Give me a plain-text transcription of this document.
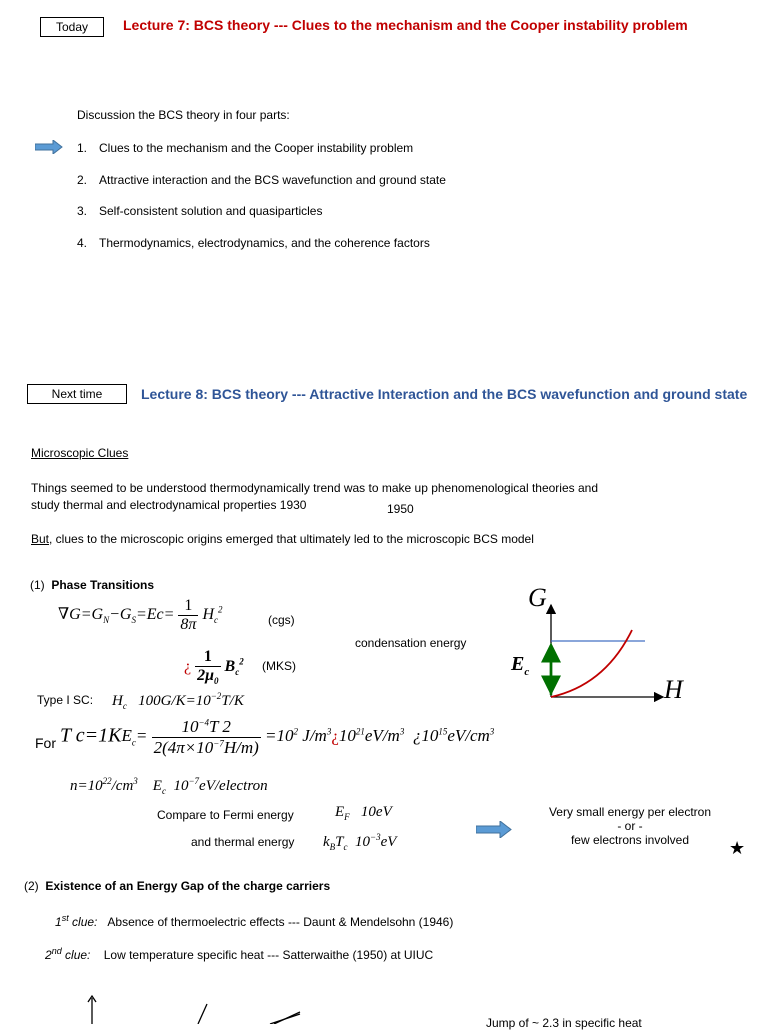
Today	Lecture 7: BCS theory --- Clues to the mechanism and the Cooper instability problem
Discussion the BCS theory in four parts:
1. Clues to the mechanism and the Cooper instability problem
2. Attractive interaction and the BCS wavefunction and ground state
3. Self-consistent solution and quasiparticles
4. Thermodynamics, electrodynamics, and the coherence factors
Next time	Lecture 8: BCS theory --- Attractive Interaction and the BCS wavefunction and ground state
Microscopic Clues
Things seemed to be understood thermodynamically trend was to make up phenomenological theories and
study thermal and electrodynamical properties 1930	1950
But, clues to the microscopic origins emerged that ultimately led to the microscopic BCS model
(1) Phase Transitions
$\nabla G=G_N-G_S=Ec= \frac{1}{8\pi} H_c^2$
(cgs)
¿ $\frac{1}{2\mu_0} B_c^2$ (MKS)
condensation energy
Type I SC: $H_c$ $100G/K=10^{-2}T/K$
For T $c=1KE_c= \frac{10^{-4}T 2}{2(4\pi\times 10^{-7}H/m)} =10^2$ $J/m^3¿10^{21}eV/m^3$ ¿$10^{15}eV/cm^3$
$n=10^{22}/cm^3$ $E_c$  $10^{-7}eV$/electron
Compare to Fermi energy	$E_F$ 10eV
and thermal energy $k_BT_c$ $10^{-3}eV$
Very small energy per electron
- or -
few electrons involved	★
G
H
$E_c$
(2) Existence of an Energy Gap of the charge carriers
1st clue: Absence of thermoelectric effects --- Daunt & Mendelsohn (1946)
2nd clue: Low temperature specific heat --- Satterwaithe (1950) at UIUC
Jump of ~ 2.3 in specific heat
